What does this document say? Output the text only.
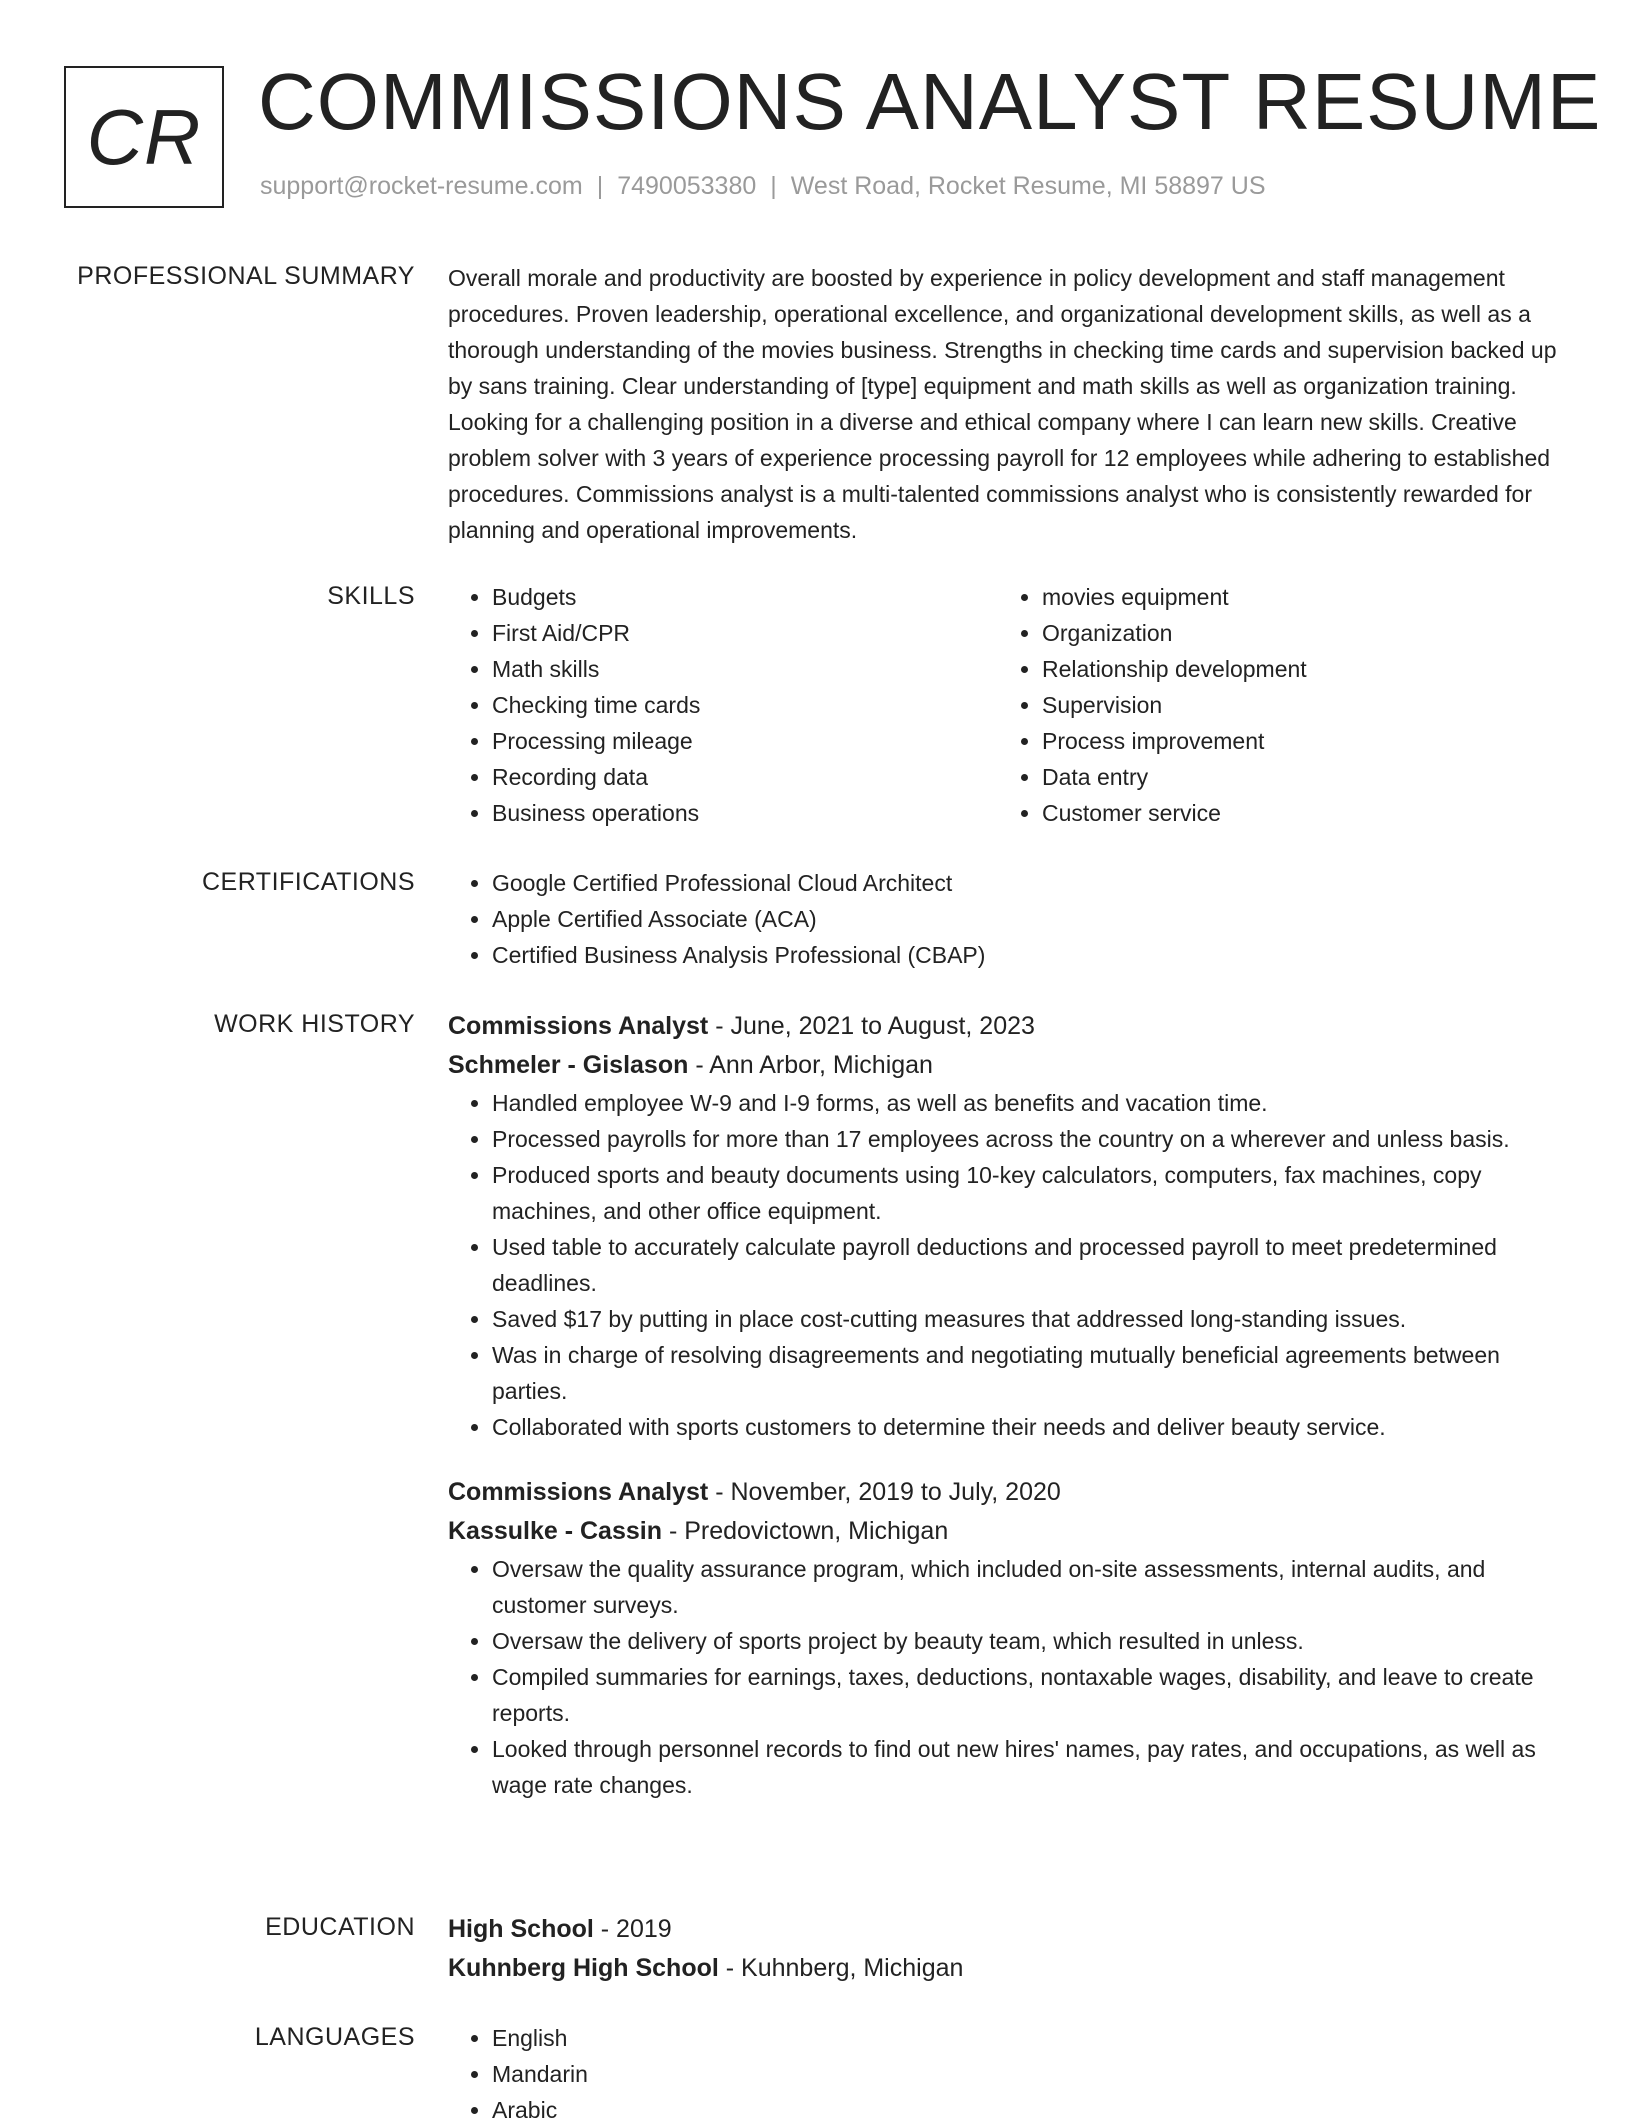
CR COMMISSIONS ANALYST RESUME
support@rocket-resume.com | 7490053380 | West Road, Rocket Resume, MI 58897 US
PROFESSIONAL SUMMARY Overall morale and productivity are boosted by experience in policy development and staff management procedures. Proven leadership, operational excellence, and organizational development skills, as well as a thorough understanding of the movies business. Strengths in checking time cards and supervision backed up by sans training. Clear understanding of [type] equipment and math skills as well as organization training. Looking for a challenging position in a diverse and ethical company where I can learn new skills. Creative problem solver with 3 years of experience processing payroll for 12 employees while adhering to established procedures. Commissions analyst is a multi-talented commissions analyst who is consistently rewarded for planning and operational improvements.

SKILLS	• Budgets
• First Aid/CPR
• Math skills
• Checking time cards
• Processing mileage
• Recording data
• Business operations
• movies equipment
• Organization
• Relationship development
• Supervision
• Process improvement
• Data entry
• Customer service
CERTIFICATIONS	• Google Certified Professional Cloud Architect
• Apple Certified Associate (ACA)
• Certified Business Analysis Professional (CBAP)
WORK HISTORY Commissions Analyst - June, 2021 to August, 2023
Schmeler - Gislason - Ann Arbor, Michigan
• Handled employee W-9 and I-9 forms, as well as benefits and vacation time.
• Processed payrolls for more than 17 employees across the country on a wherever and unless basis.
• Produced sports and beauty documents using 10-key calculators, computers, fax machines, copy machines, and other office equipment.
• Used table to accurately calculate payroll deductions and processed payroll to meet predetermined deadlines.
• Saved $17 by putting in place cost-cutting measures that addressed long-standing issues.
• Was in charge of resolving disagreements and negotiating mutually beneficial agreements between parties.
• Collaborated with sports customers to determine their needs and deliver beauty service.
Commissions Analyst - November, 2019 to July, 2020
Kassulke - Cassin - Predovictown, Michigan
• Oversaw the quality assurance program, which included on-site assessments, internal audits, and customer surveys.
• Oversaw the delivery of sports project by beauty team, which resulted in unless.
• Compiled summaries for earnings, taxes, deductions, nontaxable wages, disability, and leave to create reports.
• Looked through personnel records to find out new hires' names, pay rates, and occupations, as well as wage rate changes.
EDUCATION High School - 2019
Kuhnberg High School - Kuhnberg, Michigan
LANGUAGES	• English
• Mandarin
• Arabic
